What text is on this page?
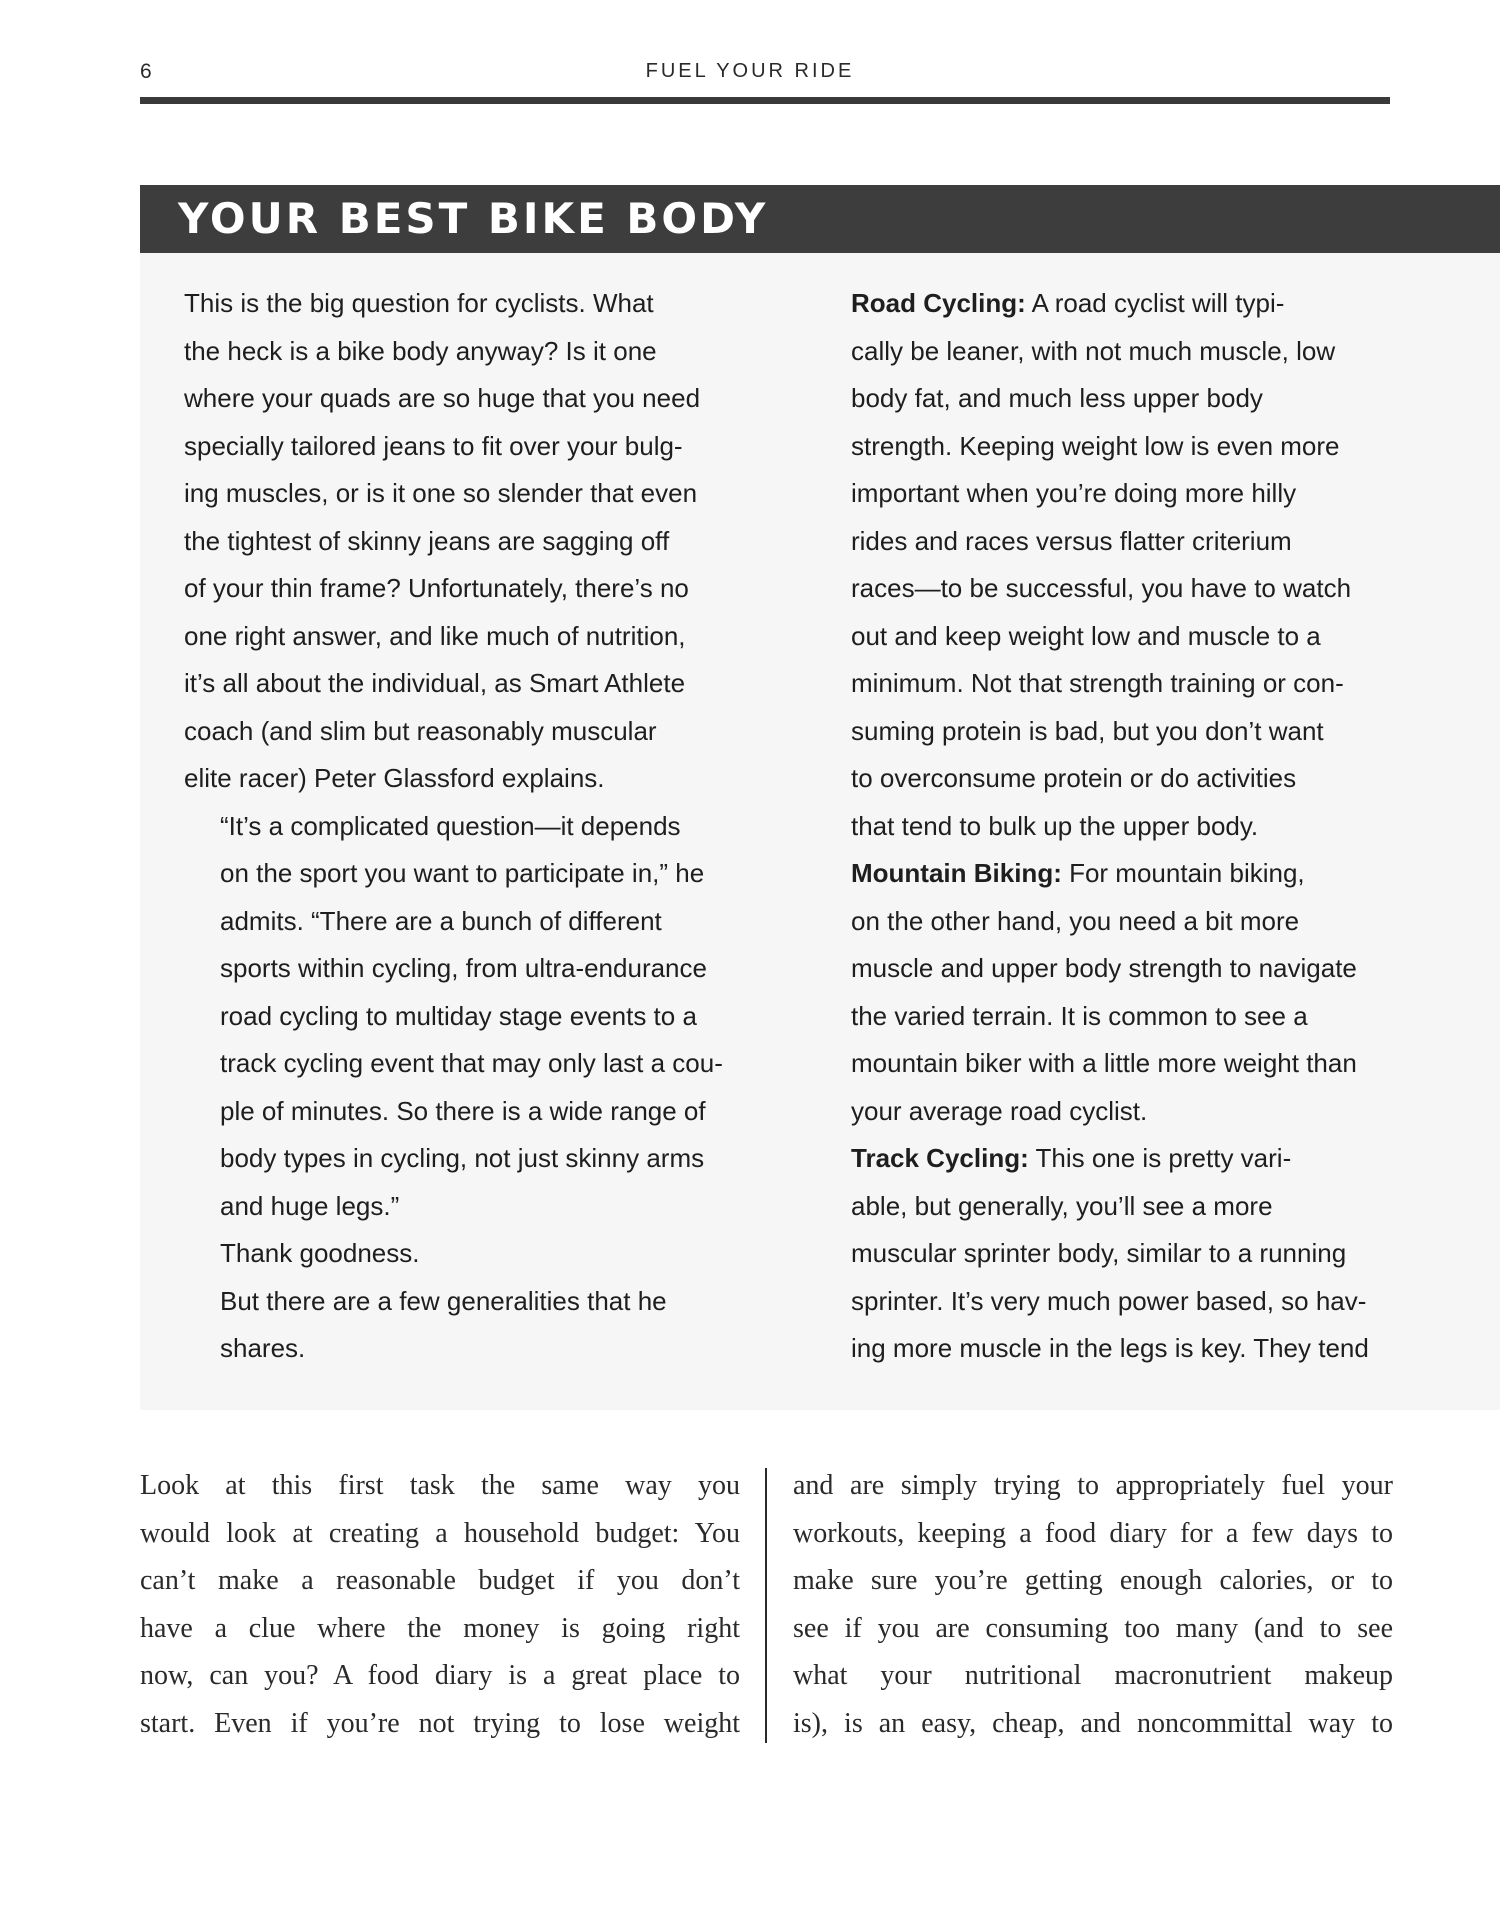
6	FUEL YOUR RIDE
YOUR BEST BIKE BODY

This is the big question for cyclists. What
the heck is a bike body anyway? Is it one
where your quads are so huge that you need
specially tailored jeans to fit over your bulg-
ing muscles, or is it one so slender that even
the tightest of skinny jeans are sagging off
of your thin frame? Unfortunately, there’s no
one right answer, and like much of nutrition,
it’s all about the individual, as Smart Athlete
coach (and slim but reasonably muscular
elite racer) Peter Glassford explains.

“It’s a complicated question—it depends
on the sport you want to participate in,” he
admits. “There are a bunch of different
sports within cycling, from ultra-endurance
road cycling to multiday stage events to a
track cycling event that may only last a cou-
ple of minutes. So there is a wide range of
body types in cycling, not just skinny arms
and huge legs.”

Thank goodness.

But there are a few generalities that he
shares.

Road Cycling: A road cyclist will typi-
cally be leaner, with not much muscle, low
body fat, and much less upper body
strength. Keeping weight low is even more
important when you’re doing more hilly
rides and races versus flatter criterium
races—to be successful, you have to watch
out and keep weight low and muscle to a
minimum. Not that strength training or con-
suming protein is bad, but you don’t want
to overconsume protein or do activities
that tend to bulk up the upper body.

Mountain Biking: For mountain biking,
on the other hand, you need a bit more
muscle and upper body strength to navigate
the varied terrain. It is common to see a
mountain biker with a little more weight than
your average road cyclist.

Track Cycling: This one is pretty vari-
able, but generally, you’ll see a more
muscular sprinter body, similar to a running
sprinter. It’s very much power based, so hav-
ing more muscle in the legs is key. They tend

Look at this first task the same way you
would look at creating a household budget: You
can’t make a reasonable budget if you don’t
have a clue where the money is going right
now, can you? A food diary is a great place to
start. Even if you’re not trying to lose weight
and are simply trying to appropriately fuel your
workouts, keeping a food diary for a few days to
make sure you’re getting enough calories, or to
see if you are consuming too many (and to see
what your nutritional macronutrient makeup
is), is an easy, cheap, and noncommittal way to
